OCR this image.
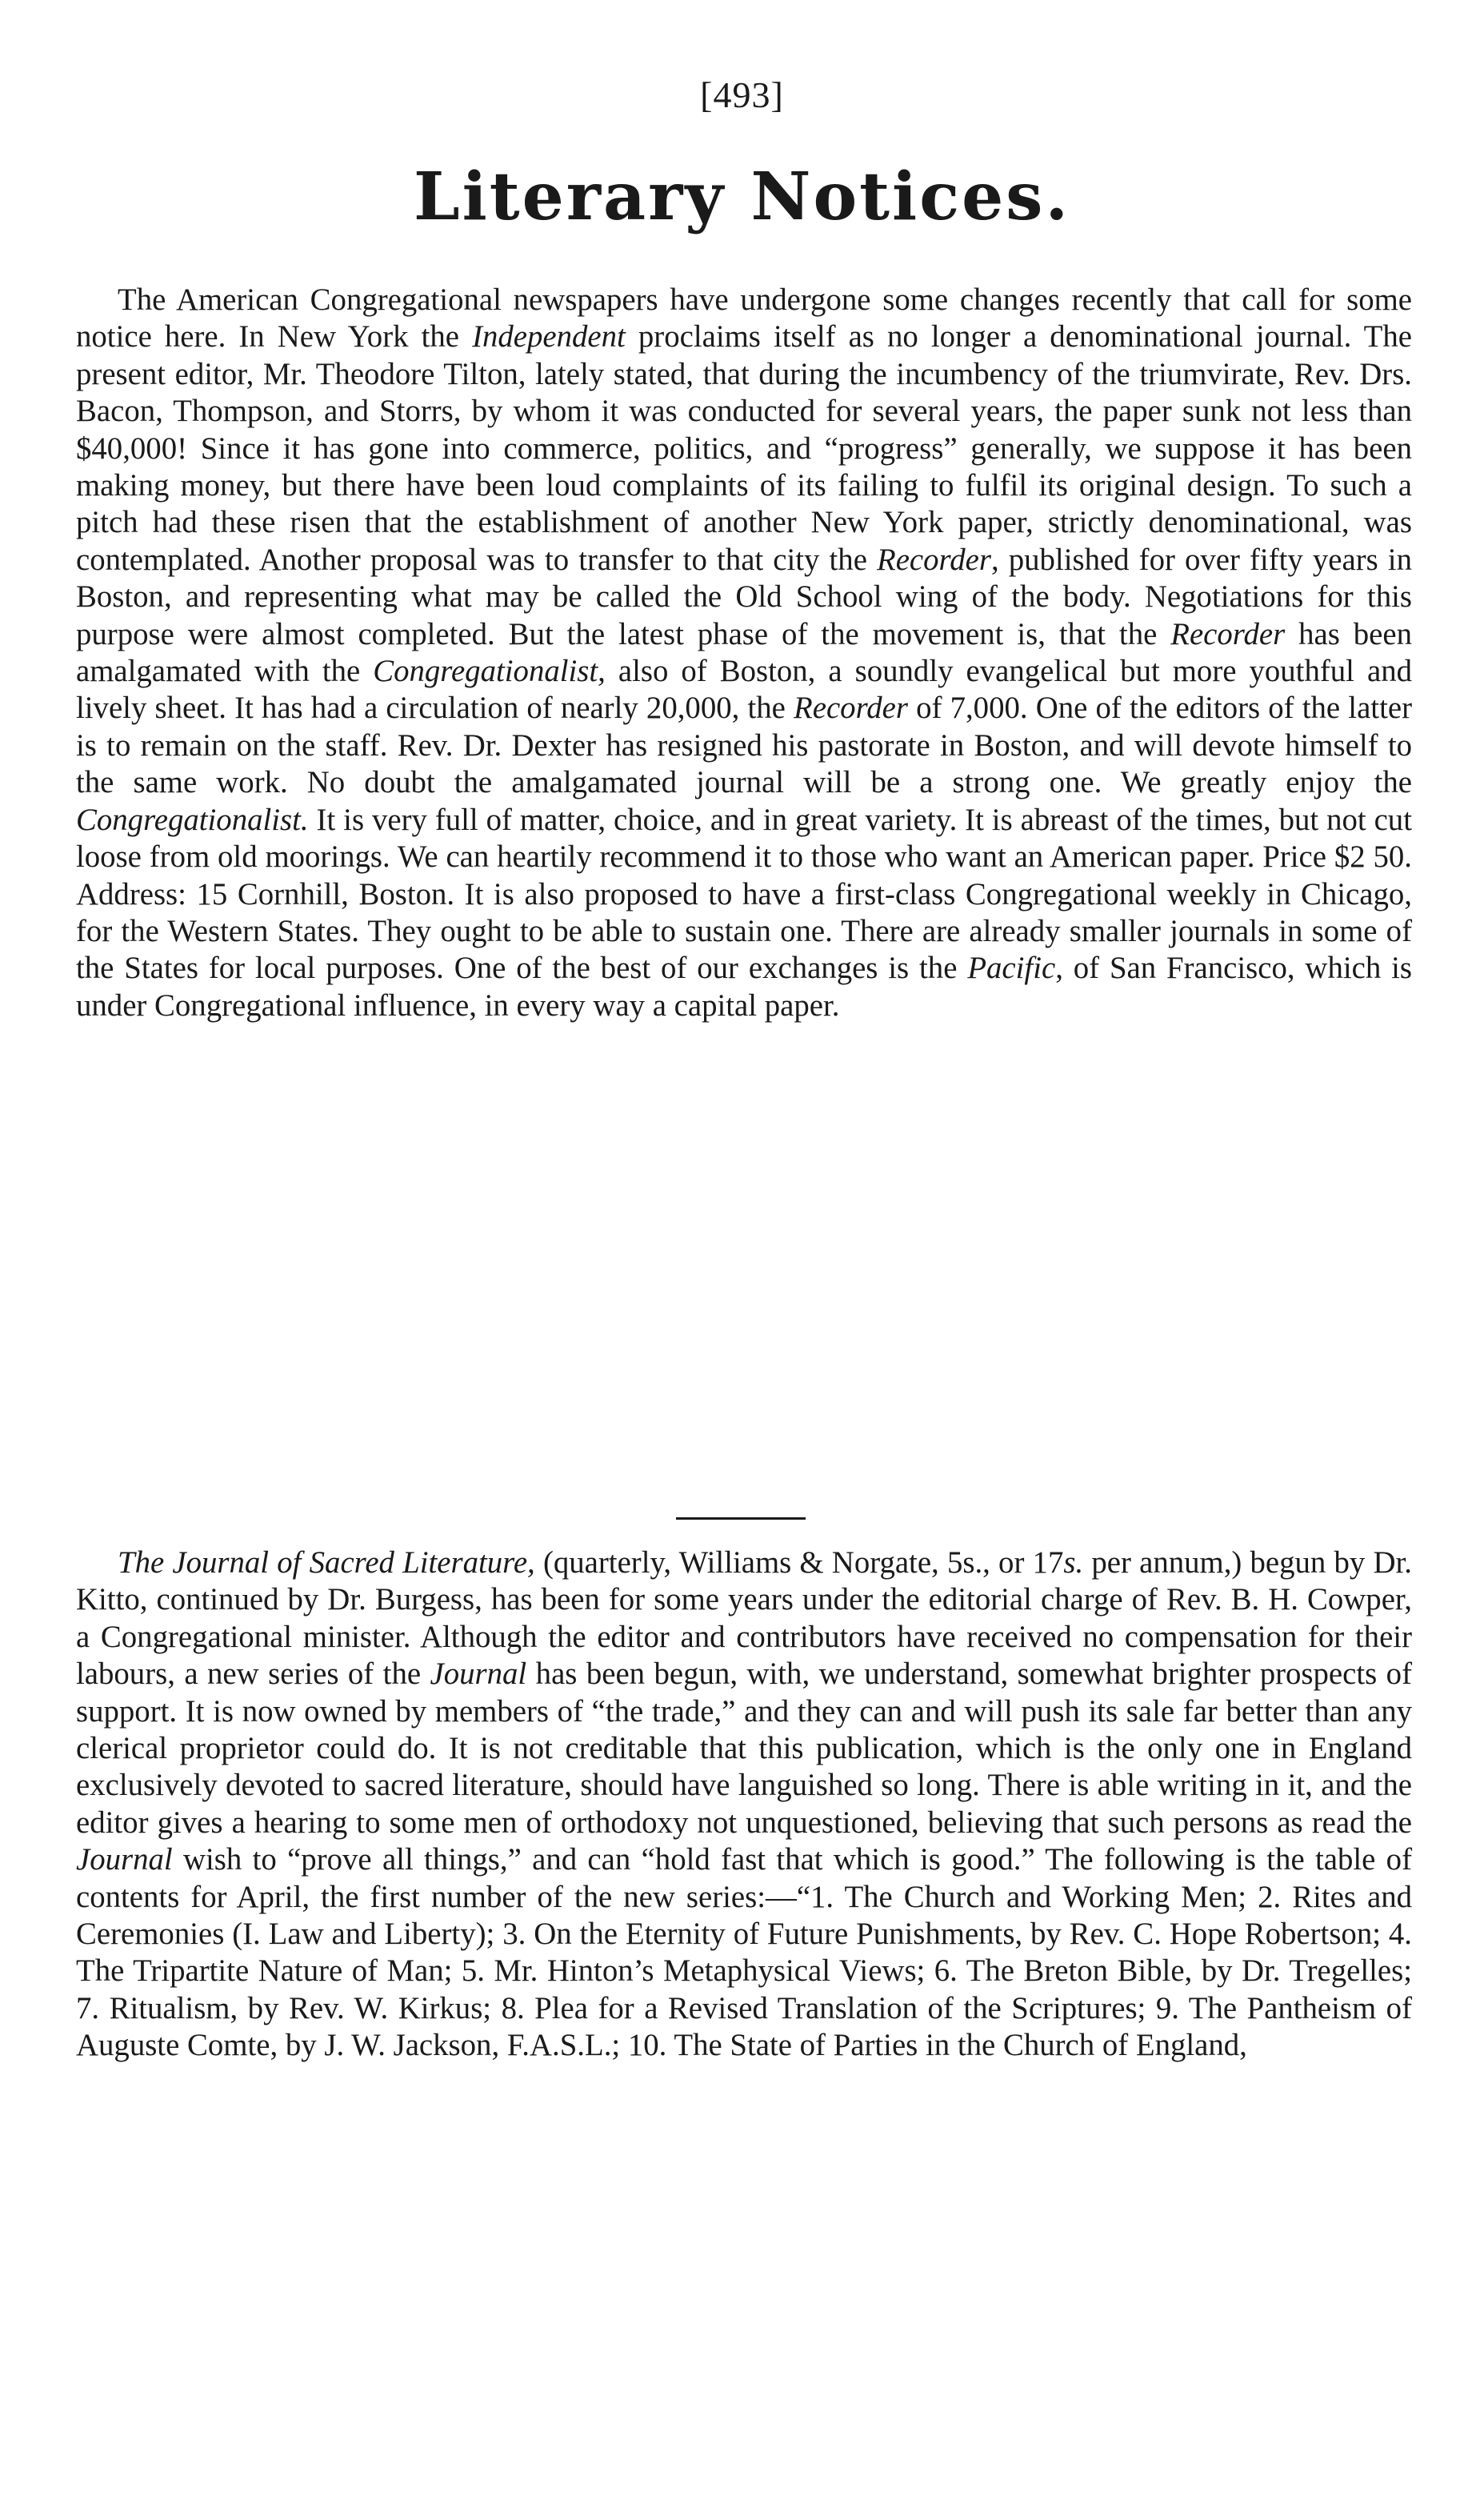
[493]
Literary Notices.

The American Congregational newspapers have undergone some changes recently that call for some notice here. In New York the Independent proclaims itself as no longer a denominational journal. The present editor, Mr. Theodore Tilton, lately stated, that during the incumbency of the triumvirate, Rev. Drs. Bacon, Thompson, and Storrs, by whom it was conducted for several years, the paper sunk not less than $40,000! Since it has gone into commerce, politics, and “progress” generally, we suppose it has been making money, but there have been loud complaints of its failing to fulfil its original design. To such a pitch had these risen that the establishment of another New York paper, strictly denominational, was contemplated. Another proposal was to transfer to that city the Recorder, published for over fifty years in Boston, and representing what may be called the Old School wing of the body. Negotiations for this purpose were almost completed. But the latest phase of the movement is, that the Recorder has been amalgamated with the Congregationalist, also of Boston, a soundly evangelical but more youthful and lively sheet. It has had a circulation of nearly 20,000, the Recorder of 7,000. One of the editors of the latter is to remain on the staff. Rev. Dr. Dexter has resigned his pastorate in Boston, and will devote himself to the same work. No doubt the amalgamated journal will be a strong one. We greatly enjoy the Congregationalist. It is very full of matter, choice, and in great variety. It is abreast of the times, but not cut loose from old moorings. We can heartily recommend it to those who want an American paper. Price $2 50. Address: 15 Cornhill, Boston. It is also proposed to have a first-class Congregational weekly in Chicago, for the Western States. They ought to be able to sustain one. There are already smaller journals in some of the States for local purposes. One of the best of our exchanges is the Pacific, of San Francisco, which is under Congregational influence, in every way a capital paper.

The Journal of Sacred Literature, (quarterly, Williams & Norgate, 5s., or 17s. per annum,) begun by Dr. Kitto, continued by Dr. Burgess, has been for some years under the editorial charge of Rev. B. H. Cowper, a Congregational minister. Although the editor and contributors have received no compensation for their labours, a new series of the Journal has been begun, with, we understand, somewhat brighter prospects of support. It is now owned by members of “the trade,” and they can and will push its sale far better than any clerical proprietor could do. It is not creditable that this publication, which is the only one in England exclusively devoted to sacred literature, should have languished so long. There is able writing in it, and the editor gives a hearing to some men of orthodoxy not unquestioned, believing that such persons as read the Journal wish to “prove all things,” and can “hold fast that which is good.” The following is the table of contents for April, the first number of the new series:—“1. The Church and Working Men; 2. Rites and Ceremonies (I. Law and Liberty); 3. On the Eternity of Future Punishments, by Rev. C. Hope Robertson; 4. The Tripartite Nature of Man; 5. Mr. Hinton’s Metaphysical Views; 6. The Breton Bible, by Dr. Tregelles; 7. Ritualism, by Rev. W. Kirkus; 8. Plea for a Revised Translation of the Scriptures; 9. The Pantheism of Auguste Comte, by J. W. Jackson, F.A.S.L.; 10. The State of Parties in the Church of England,
